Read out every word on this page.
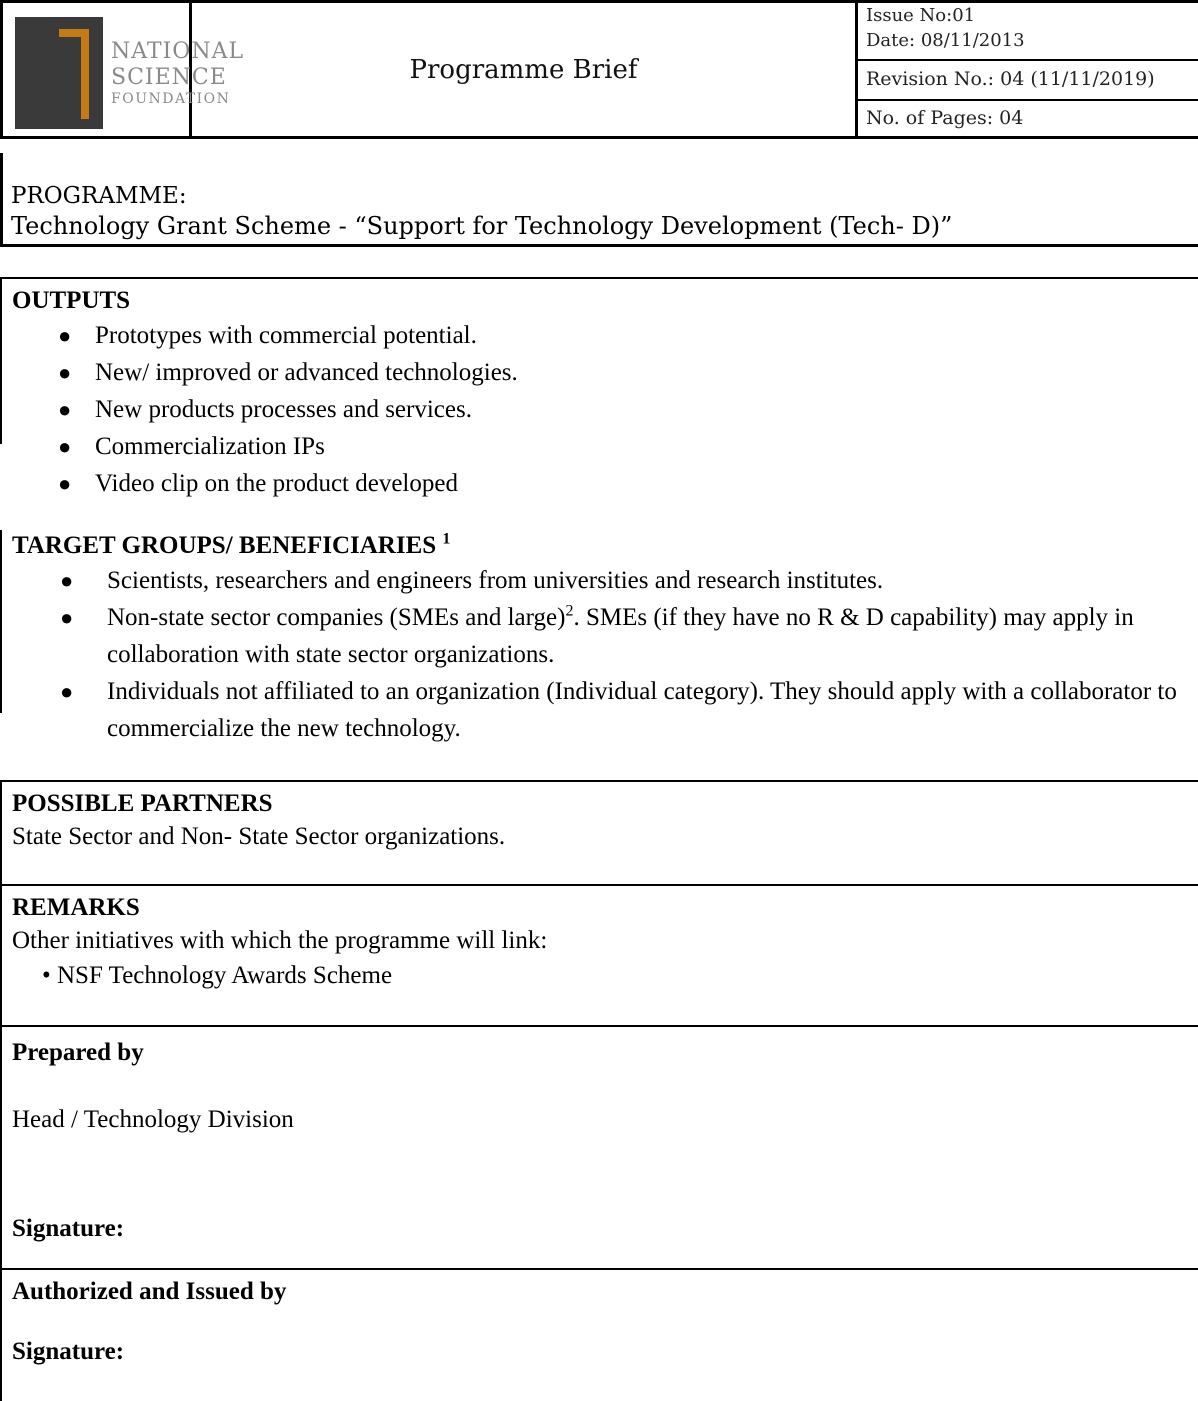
NATIONAL
SCIENCE
FOUNDATION
Programme Brief
Issue No:01
Date: 08/11/2013
Revision No.: 04 (11/11/2019)
No. of Pages: 04
PROGRAMME:
Technology Grant Scheme - “Support for Technology Development (Tech- D)”
OUTPUTS
● Prototypes with commercial potential.
● New/ improved or advanced technologies.
● New products processes and services.
● Commercialization IPs
● Video clip on the product developed
TARGET GROUPS/ BENEFICIARIES $^1$
● Scientists, researchers and engineers from universities and research institutes.
● Non-state sector companies (SMEs and large)$^2$. SMEs (if they have no R & D capability) may apply in collaboration with state sector organizations.
● Individuals not affiliated to an organization (Individual category). They should apply with a collaborator to commercialize the new technology.
POSSIBLE PARTNERS
State Sector and Non- State Sector organizations.
REMARKS
Other initiatives with which the programme will link:
• NSF Technology Awards Scheme
Prepared by
Head / Technology Division
Signature:
Authorized and Issued by
Signature:
